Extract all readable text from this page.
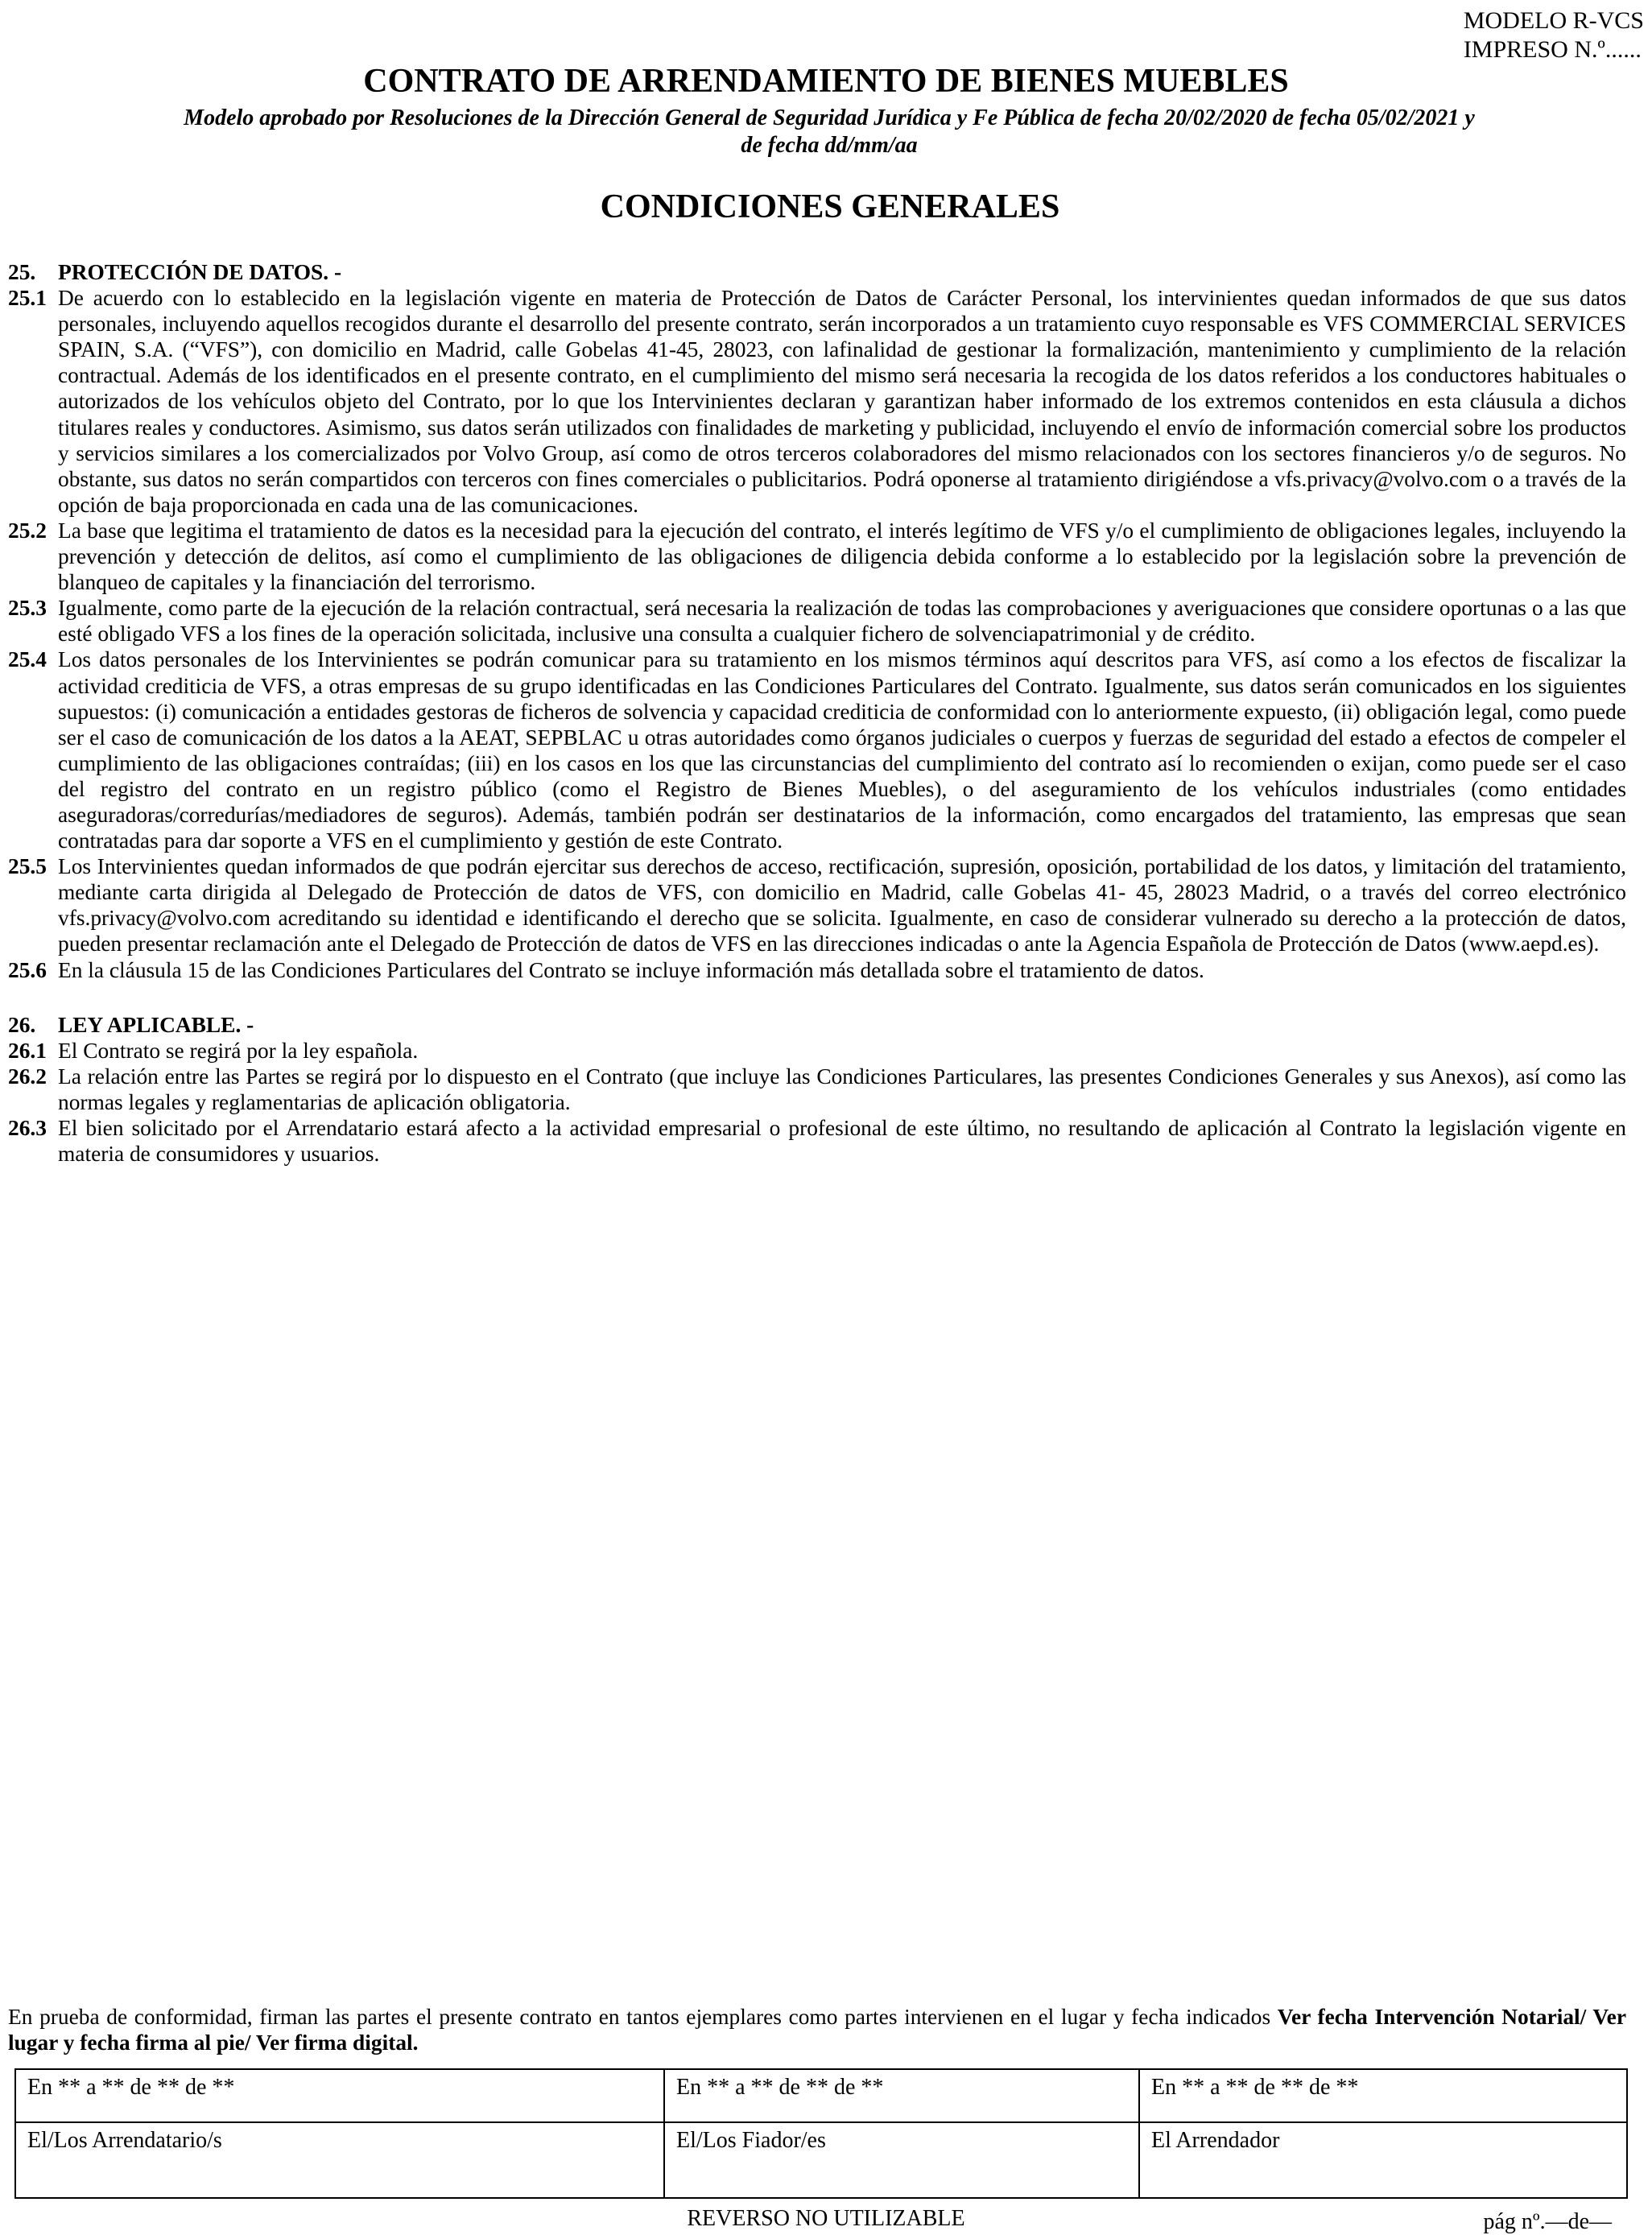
MODELO R-VCS
IMPRESO N.º......
CONTRATO DE ARRENDAMIENTO DE BIENES MUEBLES
Modelo aprobado por Resoluciones de la Dirección General de Seguridad Jurídica y Fe Pública de fecha 20/02/2020 de fecha 05/02/2021 y de fecha dd/mm/aa
CONDICIONES GENERALES

25. PROTECCIÓN DE DATOS. -

25.1 De acuerdo con lo establecido en la legislación vigente en materia de Protección de Datos de Carácter Personal, los intervinientes quedan informados de que sus datos personales, incluyendo aquellos recogidos durante el desarrollo del presente contrato, serán incorporados a un tratamiento cuyo responsable es VFS COMMERCIAL SERVICES SPAIN, S.A. (“VFS”), con domicilio en Madrid, calle Gobelas 41-45, 28023, con lafinalidad de gestionar la formalización, mantenimiento y cumplimiento de la relación contractual. Además de los identificados en el presente contrato, en el cumplimiento del mismo será necesaria la recogida de los datos referidos a los conductores habituales o autorizados de los vehículos objeto del Contrato, por lo que los Intervinientes declaran y garantizan haber informado de los extremos contenidos en esta cláusula a dichos titulares reales y conductores. Asimismo, sus datos serán utilizados con finalidades de marketing y publicidad, incluyendo el envío de información comercial sobre los productos y servicios similares a los comercializados por Volvo Group, así como de otros terceros colaboradores del mismo relacionados con los sectores financieros y/o de seguros. No obstante, sus datos no serán compartidos con terceros con fines comerciales o publicitarios. Podrá oponerse al tratamiento dirigiéndose a vfs.privacy@volvo.com o a través de la opción de baja proporcionada en cada una de las comunicaciones.

25.2 La base que legitima el tratamiento de datos es la necesidad para la ejecución del contrato, el interés legítimo de VFS y/o el cumplimiento de obligaciones legales, incluyendo la prevención y detección de delitos, así como el cumplimiento de las obligaciones de diligencia debida conforme a lo establecido por la legislación sobre la prevención de blanqueo de capitales y la financiación del terrorismo.

25.3 Igualmente, como parte de la ejecución de la relación contractual, será necesaria la realización de todas las comprobaciones y averiguaciones que considere oportunas o a las que esté obligado VFS a los fines de la operación solicitada, inclusive una consulta a cualquier fichero de solvenciapatrimonial y de crédito.

25.4 Los datos personales de los Intervinientes se podrán comunicar para su tratamiento en los mismos términos aquí descritos para VFS, así como a los efectos de fiscalizar la actividad crediticia de VFS, a otras empresas de su grupo identificadas en las Condiciones Particulares del Contrato. Igualmente, sus datos serán comunicados en los siguientes supuestos: (i) comunicación a entidades gestoras de ficheros de solvencia y capacidad crediticia de conformidad con lo anteriormente expuesto, (ii) obligación legal, como puede ser el caso de comunicación de los datos a la AEAT, SEPBLAC u otras autoridades como órganos judiciales o cuerpos y fuerzas de seguridad del estado a efectos de compeler el cumplimiento de las obligaciones contraídas; (iii) en los casos en los que las circunstancias del cumplimiento del contrato así lo recomienden o exijan, como puede ser el caso del registro del contrato en un registro público (como el Registro de Bienes Muebles), o del aseguramiento de los vehículos industriales (como entidades aseguradoras/corredurías/mediadores de seguros). Además, también podrán ser destinatarios de la información, como encargados del tratamiento, las empresas que sean contratadas para dar soporte a VFS en el cumplimiento y gestión de este Contrato.

25.5 Los Intervinientes quedan informados de que podrán ejercitar sus derechos de acceso, rectificación, supresión, oposición, portabilidad de los datos, y limitación del tratamiento, mediante carta dirigida al Delegado de Protección de datos de VFS, con domicilio en Madrid, calle Gobelas 41- 45, 28023 Madrid, o a través del correo electrónico vfs.privacy@volvo.com acreditando su identidad e identificando el derecho que se solicita. Igualmente, en caso de considerar vulnerado su derecho a la protección de datos, pueden presentar reclamación ante el Delegado de Protección de datos de VFS en las direcciones indicadas o ante la Agencia Española de Protección de Datos (www.aepd.es).

25.6 En la cláusula 15 de las Condiciones Particulares del Contrato se incluye información más detallada sobre el tratamiento de datos.

26. LEY APLICABLE. -

26.1 El Contrato se regirá por la ley española.

26.2 La relación entre las Partes se regirá por lo dispuesto en el Contrato (que incluye las Condiciones Particulares, las presentes Condiciones Generales y sus Anexos), así como las normas legales y reglamentarias de aplicación obligatoria.

26.3 El bien solicitado por el Arrendatario estará afecto a la actividad empresarial o profesional de este último, no resultando de aplicación al Contrato la legislación vigente en materia de consumidores y usuarios.

En prueba de conformidad, firman las partes el presente contrato en tantos ejemplares como partes intervienen en el lugar y fecha indicados Ver fecha Intervención Notarial/ Ver lugar y fecha firma al pie/ Ver firma digital.
En ** a ** de ** de **	En ** a ** de ** de **	En ** a ** de ** de **
El/Los Arrendatario/s	El/Los Fiador/es	El Arrendador
REVERSO NO UTILIZABLE	pág nº.—de—
